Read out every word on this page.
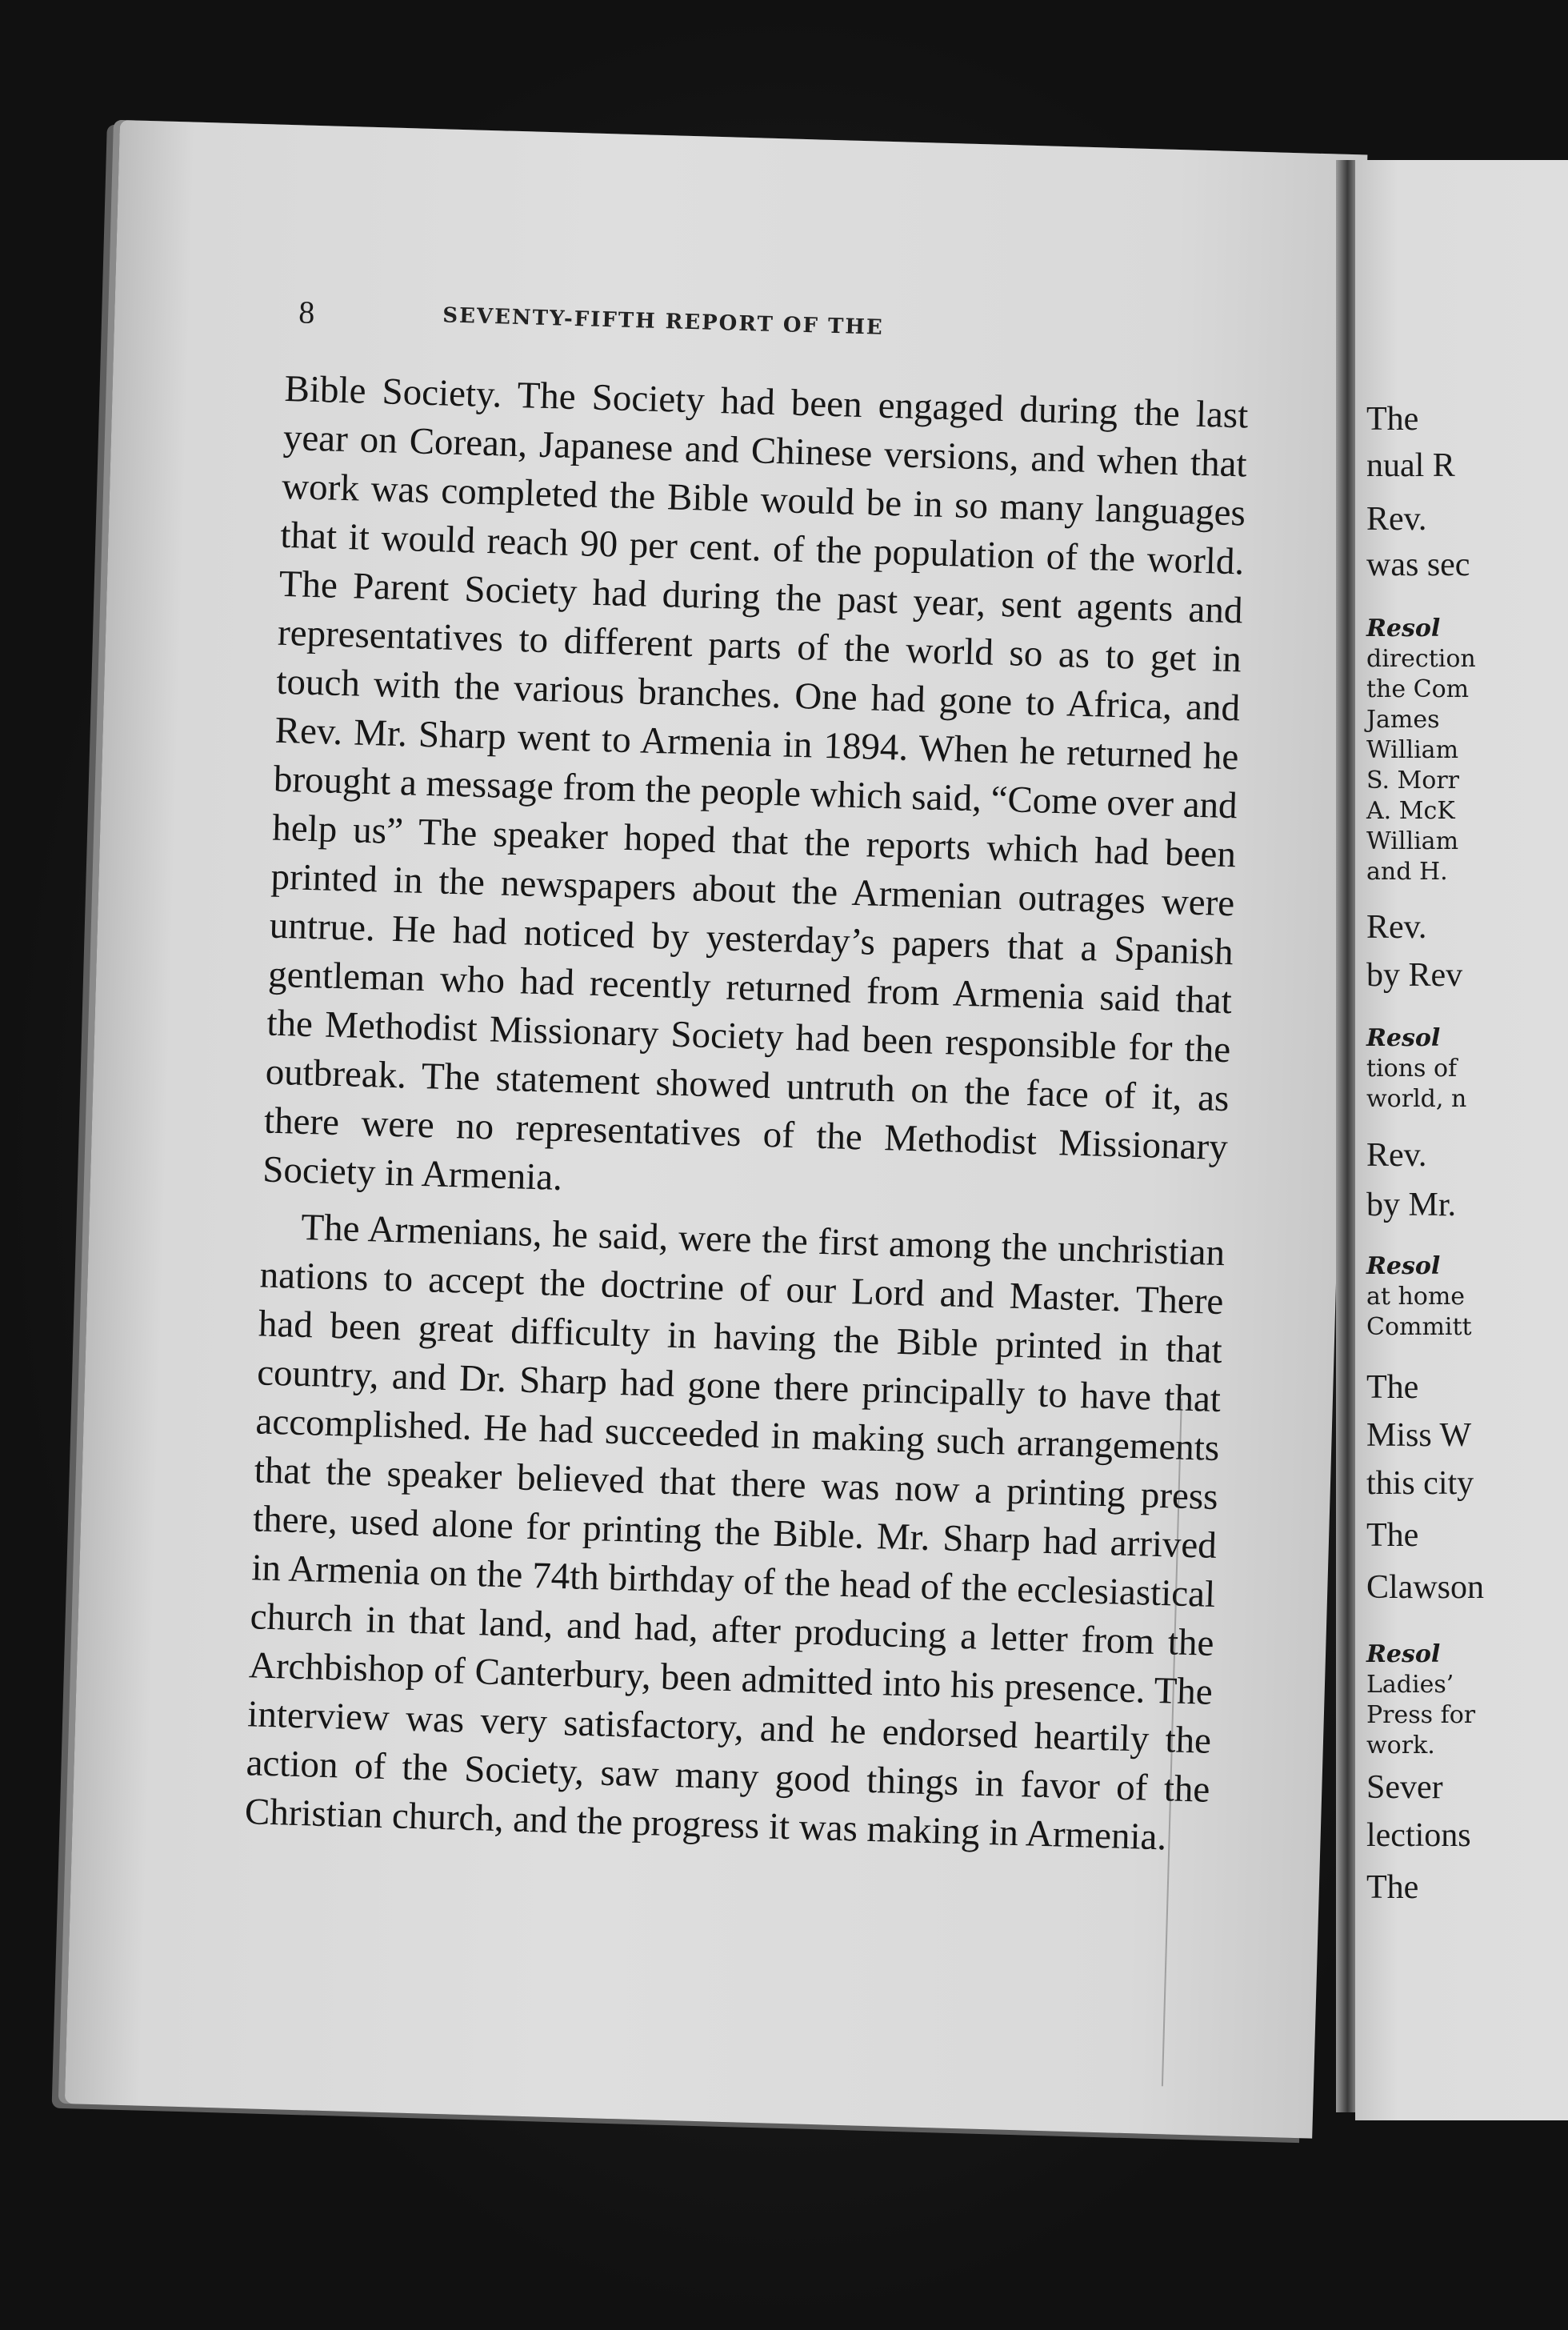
8	SEVENTY-FIFTH REPORT OF THE

Bible Society. The Society had been engaged during the last year on Corean, Japanese and Chinese versions, and when that work was completed the Bible would be in so many languages that it would reach 90 per cent. of the population of the world. The Parent Society had during the past year, sent agents and representatives to different parts of the world so as to get in touch with the various branches. One had gone to Africa, and Rev. Mr. Sharp went to Armenia in 1894. When he returned he brought a message from the people which said, “Come over and help us” The speaker hoped that the reports which had been printed in the newspapers about the Armenian outrages were untrue. He had noticed by yesterday’s papers that a Spanish gentleman who had recently returned from Armenia said that the Methodist Missionary Society had been responsible for the outbreak. The statement showed untruth on the face of it, as there were no representatives of the Methodist Missionary Society in Armenia.

The Armenians, he said, were the first among the unchristian nations to accept the doctrine of our Lord and Master. There had been great difficulty in having the Bible printed in that country, and Dr. Sharp had gone there principally to have that accomplished. He had succeeded in making such arrangements that the speaker believed that there was now a printing press there, used alone for printing the Bible. Mr. Sharp had arrived in Armenia on the 74th birthday of the head of the ecclesiastical church in that land, and had, after producing a letter from the Archbishop of Canterbury, been admitted into his presence. The interview was very satisfactory, and he endorsed heartily the action of the Society, saw many good things in favor of the Christian church, and the progress it was making in Armenia.

The
nual R
Rev.
was sec
Resol
direction
the Com
James
William
S. Morr
A. McK
William
and H.
Rev.
by Rev
Resol
tions of
world, n
Rev.
by Mr.
Resol
at home
Committ
The
Miss W
this city
The
Clawson
Resol
Ladies’
Press for
work.
Sever
lections
The
